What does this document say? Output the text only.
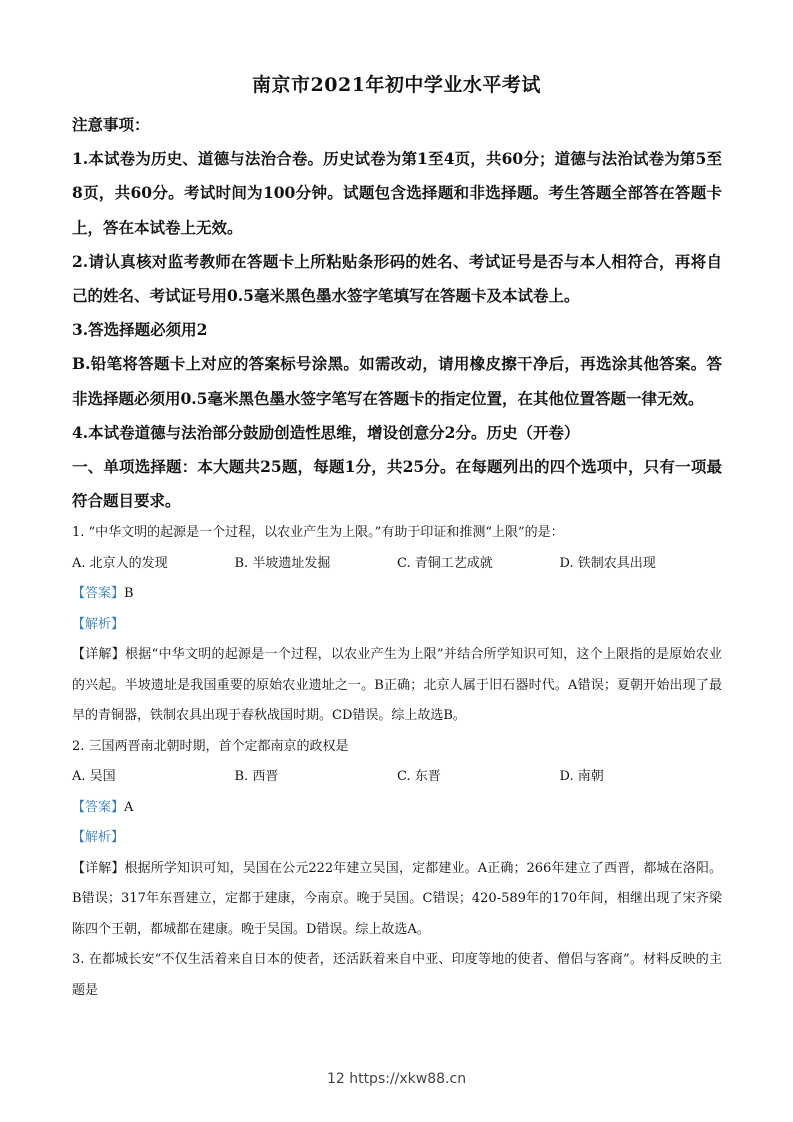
南京市2021年初中学业水平考试

注意事项：

1.本试卷为历史、道德与法治合卷。历史试卷为第1至4页，共60分；道德与法治试卷为第5至8页，共60分。考试时间为100分钟。试题包含选择题和非选择题。考生答题全部答在答题卡上，答在本试卷上无效。

2.请认真核对监考教师在答题卡上所粘贴条形码的姓名、考试证号是否与本人相符合，再将自己的姓名、考试证号用0.5毫米黑色墨水签字笔填写在答题卡及本试卷上。

3.答选择题必须用2

B.铅笔将答题卡上对应的答案标号涂黑。如需改动，请用橡皮擦干净后，再选涂其他答案。答非选择题必须用0.5毫米黑色墨水签字笔写在答题卡的指定位置，在其他位置答题一律无效。

4.本试卷道德与法治部分鼓励创造性思维，增设创意分2分。历史（开卷）

一、单项选择题：本大题共25题，每题1分，共25分。在每题列出的四个选项中，只有一项最符合题目要求。

1. “中华文明的起源是一个过程，以农业产生为上限。”有助于印证和推测“上限”的是：

A. 北京人的发现	B. 半坡遗址发掘	C. 青铜工艺成就	D. 铁制农具出现

【答案】B

【解析】

【详解】根据“中华文明的起源是一个过程，以农业产生为上限”并结合所学知识可知，这个上限指的是原始农业的兴起。半坡遗址是我国重要的原始农业遗址之一。B正确；北京人属于旧石器时代。A错误；夏朝开始出现了最早的青铜器，铁制农具出现于春秋战国时期。CD错误。综上故选B。

2. 三国两晋南北朝时期，首个定都南京的政权是

A. 吴国	B. 西晋	C. 东晋	D. 南朝

【答案】A

【解析】

【详解】根据所学知识可知，吴国在公元222年建立吴国，定都建业。A正确；266年建立了西晋，都城在洛阳。B错误；317年东晋建立，定都于建康，今南京。晚于吴国。C错误；420-589年的170年间，相继出现了宋齐梁陈四个王朝，都城都在建康。晚于吴国。D错误。综上故选A。

3. 在都城长安“不仅生活着来自日本的使者，还活跃着来自中亚、印度等地的使者、僧侣与客商”。材料反映的主题是

12 https://xkw88.cn
